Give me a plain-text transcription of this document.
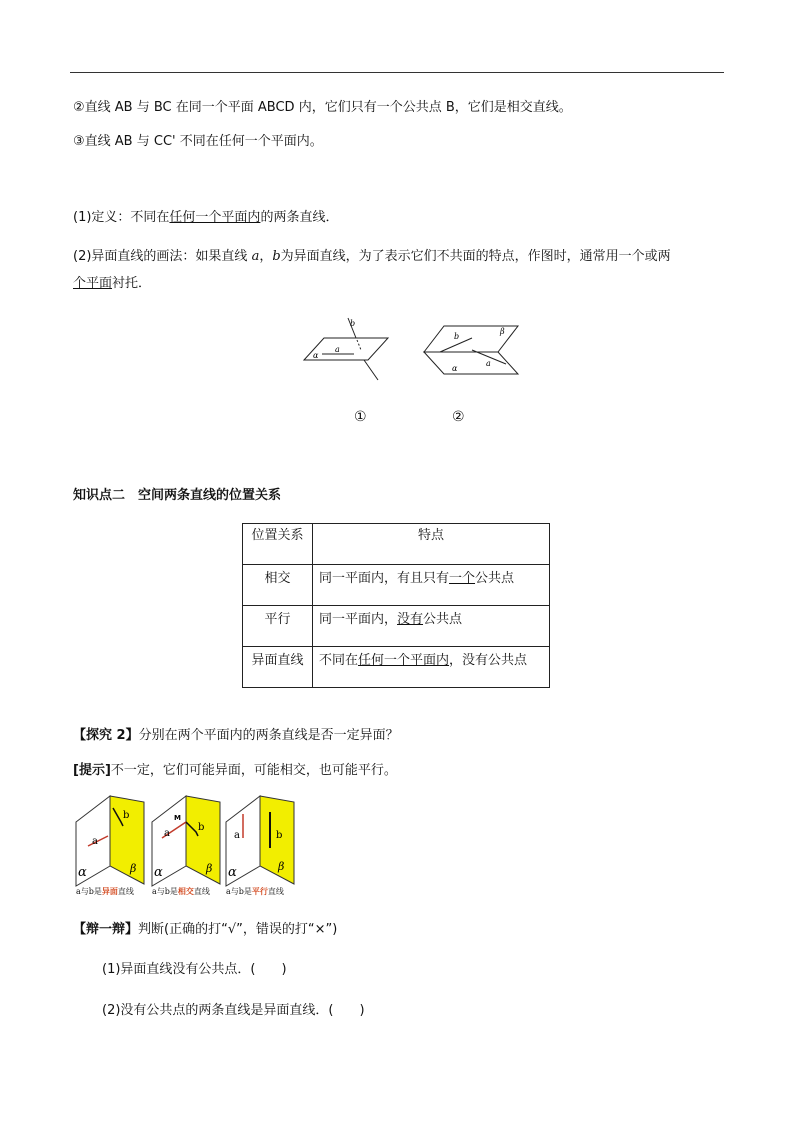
②直线 AB 与 BC 在同一个平面 ABCD 内，它们只有一个公共点 B，它们是相交直线。
③直线 AB 与 CC' 不同在任何一个平面内。
(1)定义：不同在任何一个平面内的两条直线．
(2)异面直线的画法：如果直线 a，b为异面直线，为了表示它们不共面的特点，作图时，通常用一个或两
个平面衬托．
α
a
b
b
β
α
a
①	②
知识点二　空间两条直线的位置关系
位置关系	特点
相交	同一平面内，有且只有一个公共点
平行	同一平面内，没有公共点
异面直线	不同在任何一个平面内，没有公共点
【探究 2】分别在两个平面内的两条直线是否一定异面？
[提示]不一定，它们可能异面，可能相交，也可能平行。
a
b
α	β
a与b是异面直线
M
a
b
α	β
a与b是相交直线
a	b
α	β
a与b是平行直线
【辩一辩】判断(正确的打“√”，错误的打“×”)
(1)异面直线没有公共点．(　　)
(2)没有公共点的两条直线是异面直线．(　　)
